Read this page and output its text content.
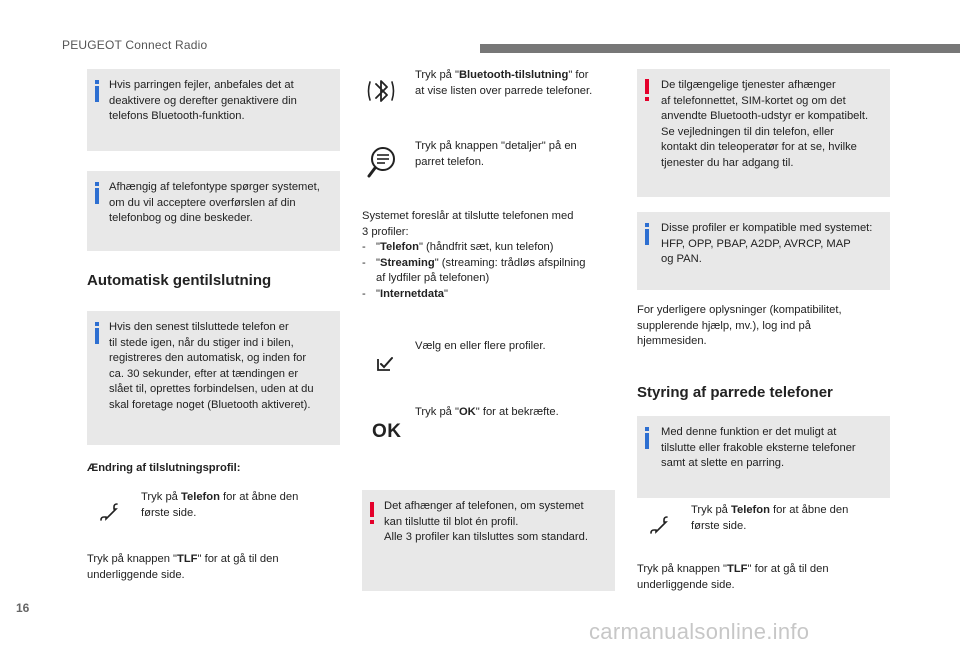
PEUGEOT Connect Radio
Hvis parringen fejler, anbefales det at
deaktivere og derefter genaktivere din
telefons Bluetooth-funktion.
Afhængig af telefontype spørger systemet,
om du vil acceptere overførslen af din
telefonbog og dine beskeder.
Automatisk gentilslutning
Hvis den senest tilsluttede telefon er
til stede igen, når du stiger ind i bilen,
registreres den automatisk, og inden for
ca. 30 sekunder, efter at tændingen er
slået til, oprettes forbindelsen, uden at du
skal foretage noget (Bluetooth aktiveret).
Ændring af tilslutningsprofil:
Tryk på Telefon for at åbne den
første side.
Tryk på knappen "TLF" for at gå til den
underliggende side.
Tryk på "Bluetooth-tilslutning" for
at vise listen over parrede telefoner.
Tryk på knappen "detaljer" på en
parret telefon.
Systemet foreslår at tilslutte telefonen med
3 profiler:
- "Telefon" (håndfrit sæt, kun telefon)
- "Streaming" (streaming: trådløs afspilning
af lydfiler på telefonen)
- "Internetdata"
Vælg en eller flere profiler.
OK
Tryk på "OK" for at bekræfte.
Det afhænger af telefonen, om systemet
kan tilslutte til blot én profil.
Alle 3 profiler kan tilsluttes som standard.
De tilgængelige tjenester afhænger
af telefonnettet, SIM-kortet og om det
anvendte Bluetooth-udstyr er kompatibelt.
Se vejledningen til din telefon, eller
kontakt din teleoperatør for at se, hvilke
tjenester du har adgang til.
Disse profiler er kompatible med systemet:
HFP, OPP, PBAP, A2DP, AVRCP, MAP
og PAN.
For yderligere oplysninger (kompatibilitet,
supplerende hjælp, mv.), log ind på
hjemmesiden.
Styring af parrede telefoner
Med denne funktion er det muligt at
tilslutte eller frakoble eksterne telefoner
samt at slette en parring.
Tryk på Telefon for at åbne den
første side.
Tryk på knappen "TLF" for at gå til den
underliggende side.
16
carmanualsonline.info
